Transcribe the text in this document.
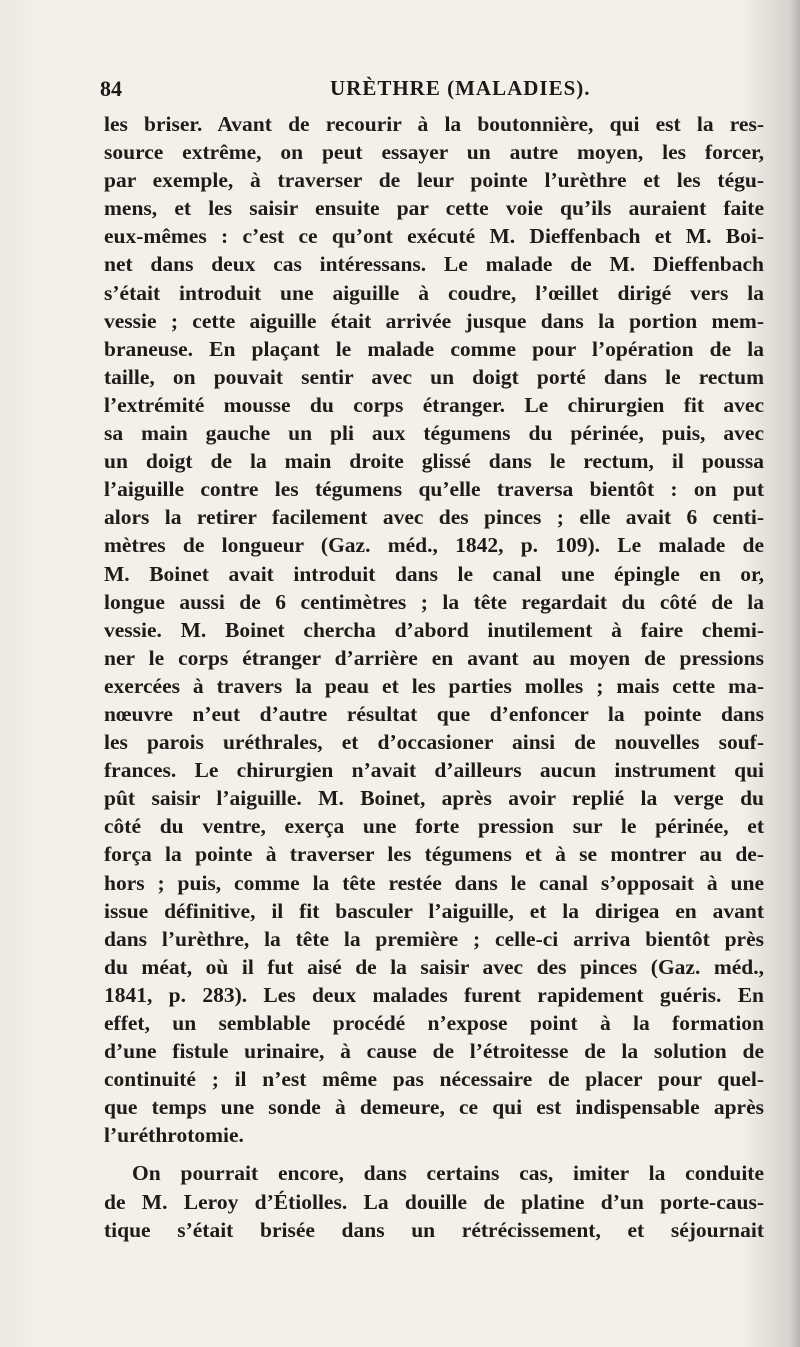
84	URÈTHRE (MALADIES).
les briser. Avant de recourir à la boutonnière, qui est la res-
source extrême, on peut essayer un autre moyen, les forcer,
par exemple, à traverser de leur pointe l’urèthre et les tégu-
mens, et les saisir ensuite par cette voie qu’ils auraient faite
eux-mêmes : c’est ce qu’ont exécuté M. Dieffenbach et M. Boi-
net dans deux cas intéressans. Le malade de M. Dieffenbach
s’était introduit une aiguille à coudre, l’œillet dirigé vers la
vessie ; cette aiguille était arrivée jusque dans la portion mem-
braneuse. En plaçant le malade comme pour l’opération de la
taille, on pouvait sentir avec un doigt porté dans le rectum
l’extrémité mousse du corps étranger. Le chirurgien fit avec
sa main gauche un pli aux tégumens du périnée, puis, avec
un doigt de la main droite glissé dans le rectum, il poussa
l’aiguille contre les tégumens qu’elle traversa bientôt : on put
alors la retirer facilement avec des pinces ; elle avait 6 centi-
mètres de longueur (Gaz. méd., 1842, p. 109). Le malade de
M. Boinet avait introduit dans le canal une épingle en or,
longue aussi de 6 centimètres ; la tête regardait du côté de la
vessie. M. Boinet chercha d’abord inutilement à faire chemi-
ner le corps étranger d’arrière en avant au moyen de pressions
exercées à travers la peau et les parties molles ; mais cette ma-
nœuvre n’eut d’autre résultat que d’enfoncer la pointe dans
les parois uréthrales, et d’occasioner ainsi de nouvelles souf-
frances. Le chirurgien n’avait d’ailleurs aucun instrument qui
pût saisir l’aiguille. M. Boinet, après avoir replié la verge du
côté du ventre, exerça une forte pression sur le périnée, et
força la pointe à traverser les tégumens et à se montrer au de-
hors ; puis, comme la tête restée dans le canal s’opposait à une
issue définitive, il fit basculer l’aiguille, et la dirigea en avant
dans l’urèthre, la tête la première ; celle-ci arriva bientôt près
du méat, où il fut aisé de la saisir avec des pinces (Gaz. méd.,
1841, p. 283). Les deux malades furent rapidement guéris. En
effet, un semblable procédé n’expose point à la formation
d’une fistule urinaire, à cause de l’étroitesse de la solution de
continuité ; il n’est même pas nécessaire de placer pour quel-
que temps une sonde à demeure, ce qui est indispensable après
l’uréthrotomie.
On pourrait encore, dans certains cas, imiter la conduite
de M. Leroy d’Étiolles. La douille de platine d’un porte-caus-
tique s’était brisée dans un rétrécissement, et séjournait
